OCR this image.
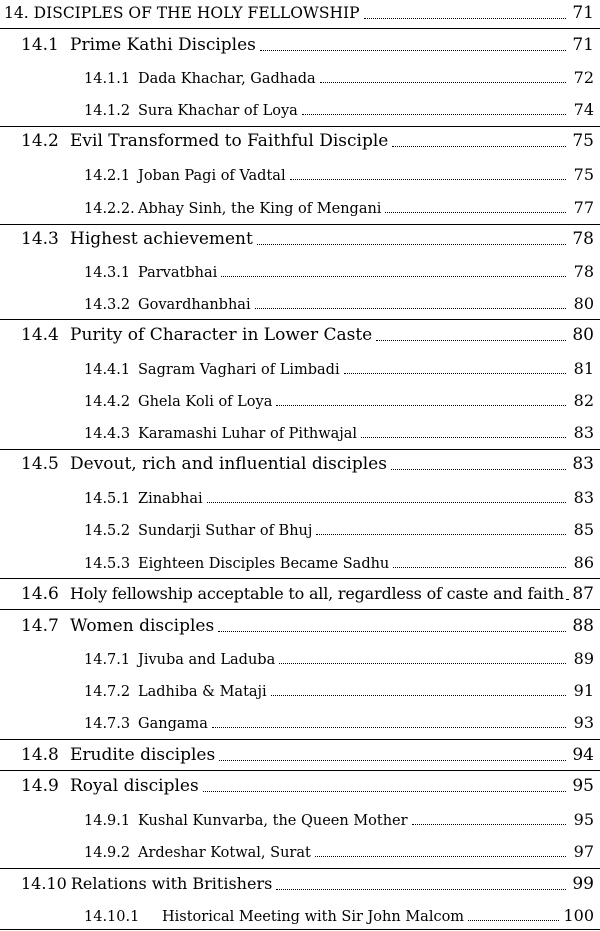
14. DISCIPLES OF THE HOLY FELLOWSHIP	71
14.1 Prime Kathi Disciples	71
14.1.1 Dada Khachar, Gadhada	72
14.1.2 Sura Khachar of Loya	74
14.2 Evil Transformed to Faithful Disciple	75
14.2.1 Joban Pagi of Vadtal	75
14.2.2. Abhay Sinh, the King of Mengani	77
14.3 Highest achievement	78
14.3.1 Parvatbhai	78
14.3.2 Govardhanbhai	80
14.4 Purity of Character in Lower Caste	80
14.4.1 Sagram Vaghari of Limbadi	81
14.4.2 Ghela Koli of Loya	82
14.4.3 Karamashi Luhar of Pithwajal	83
14.5 Devout, rich and influential disciples	83
14.5.1 Zinabhai	83
14.5.2 Sundarji Suthar of Bhuj	85
14.5.3 Eighteen Disciples Became Sadhu	86
14.6 Holy fellowship acceptable to all, regardless of caste and faith 87
14.7 Women disciples	88
14.7.1 Jivuba and Laduba	89
14.7.2 Ladhiba & Mataji	91
14.7.3 Gangama	93
14.8 Erudite disciples	94
14.9 Royal disciples	95
14.9.1 Kushal Kunvarba, the Queen Mother	95
14.9.2 Ardeshar Kotwal, Surat	97
14.10 Relations with Britishers	99
14.10.1	Historical Meeting with Sir John Malcom	100
